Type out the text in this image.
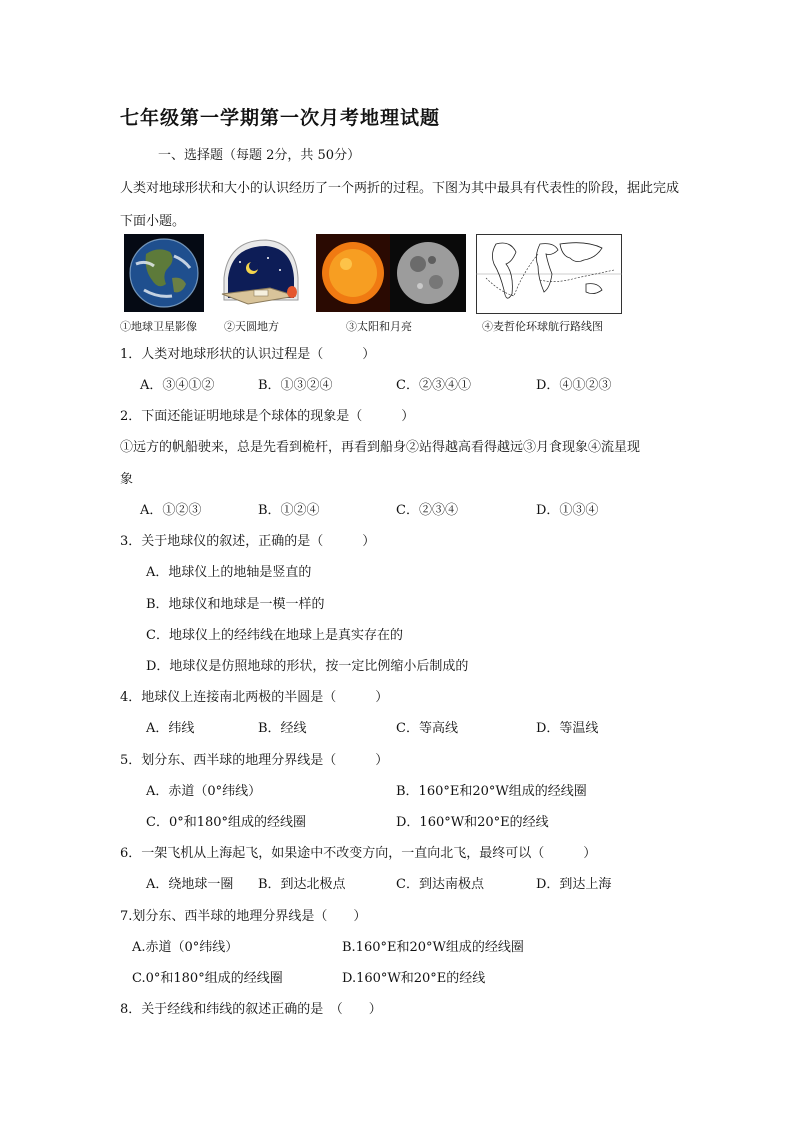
七年级第一学期第一次月考地理试题
一、选择题（每题 2分，共 50分）
人类对地球形状和大小的认识经历了一个两折的过程。下图为其中最具有代表性的阶段，据此完成下面小题。
①地球卫星影像 ②天圆地方	③太阳和月亮	④麦哲伦环球航行路线图
1．人类对地球形状的认识过程是（　　　）
A．③④①②	B．①③②④	C．②③④①	D．④①②③
2．下面还能证明地球是个球体的现象是（　　　）
①远方的帆船驶来，总是先看到桅杆，再看到船身②站得越高看得越远③月食现象④流星现
象
A．①②③	B．①②④	C．②③④	D．①③④
3．关于地球仪的叙述，正确的是（　　　）
A．地球仪上的地轴是竖直的
B．地球仪和地球是一模一样的
C．地球仪上的经纬线在地球上是真实存在的
D．地球仪是仿照地球的形状，按一定比例缩小后制成的
4．地球仪上连接南北两极的半圆是（　　　）
A．纬线	B．经线	C．等高线	D．等温线
5．划分东、西半球的地理分界线是（　　　）
A．赤道（0°纬线）	B．160°E和20°W组成的经线圈
C．0°和180°组成的经线圈	D．160°W和20°E的经线
6．一架飞机从上海起飞，如果途中不改变方向，一直向北飞，最终可以（　　　）
A．绕地球一圈 B．到达北极点	C．到达南极点	D．到达上海
7.划分东、西半球的地理分界线是（　　）
A.赤道（0°纬线）	B.160°E和20°W组成的经线圈
C.0°和180°组成的经线圈	D.160°W和20°E的经线
8．关于经线和纬线的叙述正确的是　（　　）
